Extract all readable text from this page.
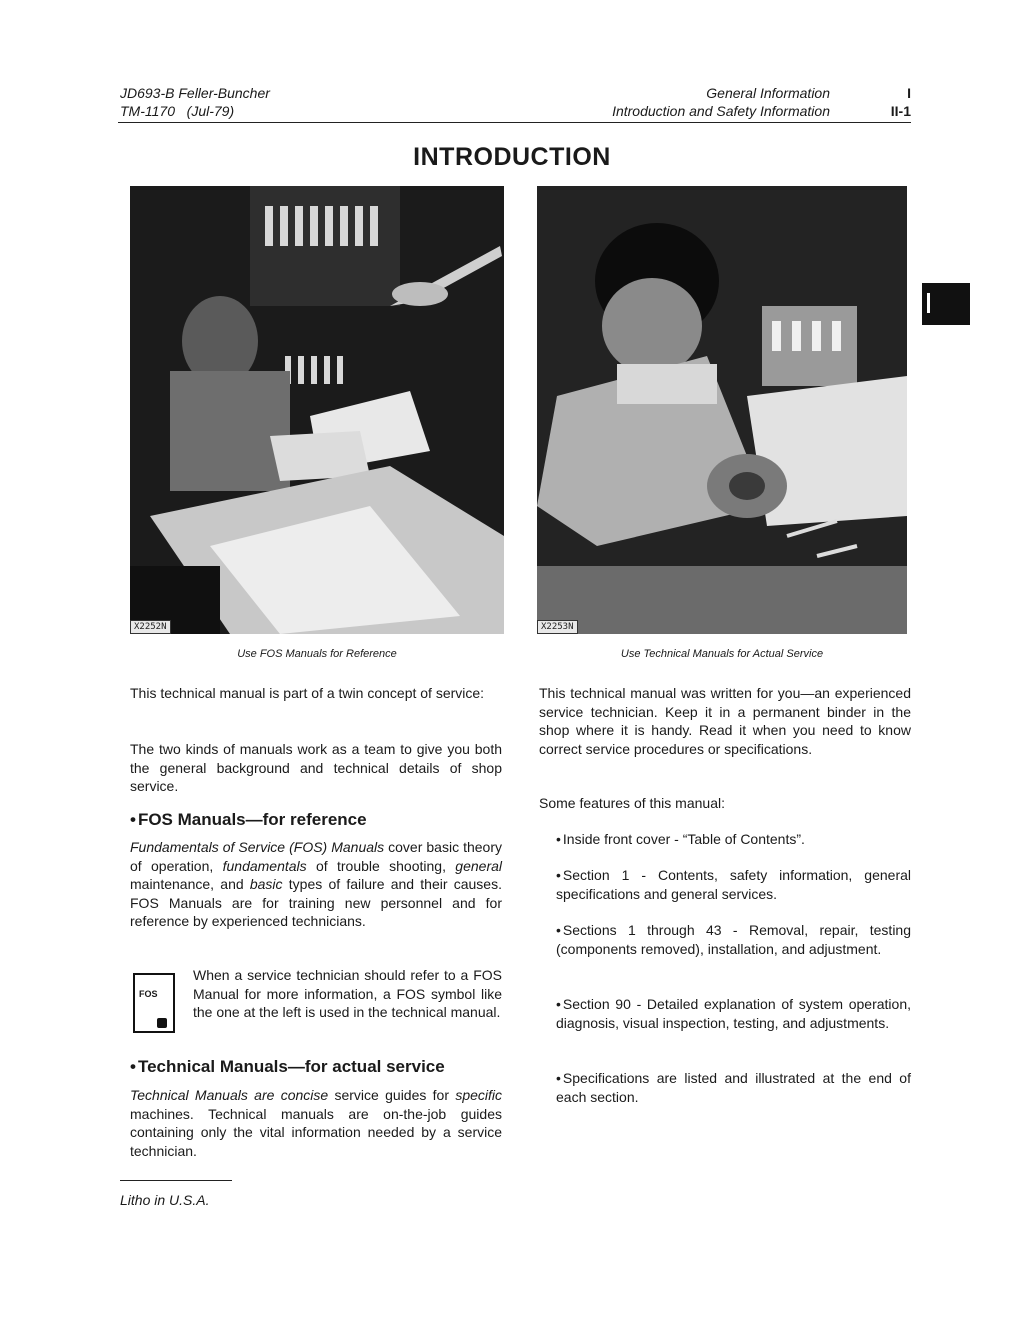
JD693-B Feller-Buncher
TM-1170   (Jul-79)
General Information
Introduction and Safety Information
I
II-1
INTRODUCTION
X2252N
Use FOS Manuals for Reference
X2253N
Use Technical Manuals for Actual Service
This technical manual is part of a twin concept of service:
The two kinds of manuals work as a team to give you both the general background and technical details of shop service.
• FOS Manuals—for reference
Fundamentals of Service (FOS) Manuals cover basic theory of operation, fundamentals of trouble shooting, general maintenance, and basic types of failure and their causes. FOS Manuals are for training new personnel and for reference by experienced technicians.
FOS
When a service technician should refer to a FOS Manual for more information, a FOS symbol like the one at the left is used in the technical manual.
• Technical Manuals—for actual service
Technical Manuals are concise service guides for specific machines. Technical manuals are on-the-job guides containing only the vital information needed by a service technician.
This technical manual was written for you—an experienced service technician. Keep it in a permanent binder in the shop where it is handy. Read it when you need to know correct service procedures or specifications.
Some features of this manual:
• Inside front cover - “Table of Contents”.
• Section 1 - Contents, safety information, general specifications and general services.
• Sections 1 through 43 - Removal, repair, testing (components removed), installation, and adjustment.
• Section 90 - Detailed explanation of system operation, diagnosis, visual inspection, testing, and adjustments.
• Specifications are listed and illustrated at the end of each section.
Litho in U.S.A.
